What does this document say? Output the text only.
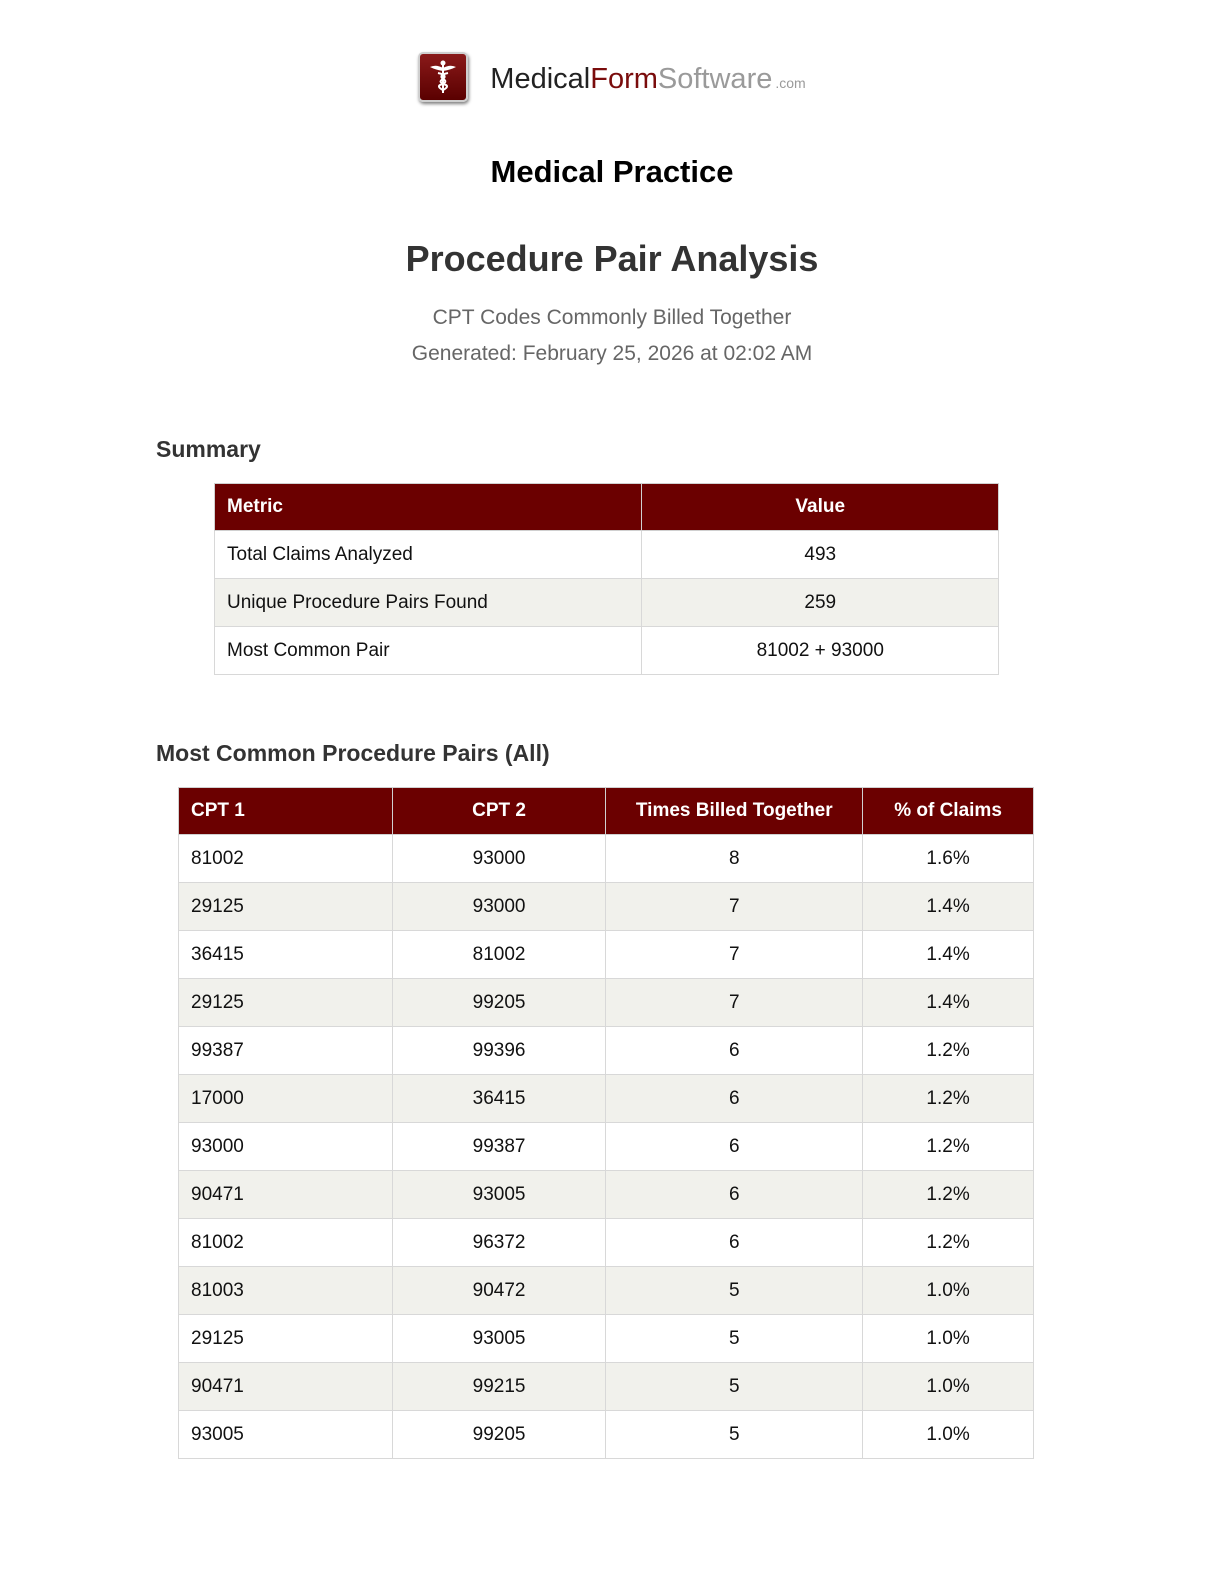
MedicalFormSoftware .com
Medical Practice
Procedure Pair Analysis
CPT Codes Commonly Billed Together
Generated: February 25, 2026 at 02:02 AM
Summary
Metric	Value
Total Claims Analyzed	493
Unique Procedure Pairs Found	259
Most Common Pair	81002 + 93000
Most Common Procedure Pairs (All)
CPT 1	CPT 2	Times Billed Together	% of Claims
81002	93000	8	1.6%
29125	93000	7	1.4%
36415	81002	7	1.4%
29125	99205	7	1.4%
99387	99396	6	1.2%
17000	36415	6	1.2%
93000	99387	6	1.2%
90471	93005	6	1.2%
81002	96372	6	1.2%
81003	90472	5	1.0%
29125	93005	5	1.0%
90471	99215	5	1.0%
93005	99205	5	1.0%
